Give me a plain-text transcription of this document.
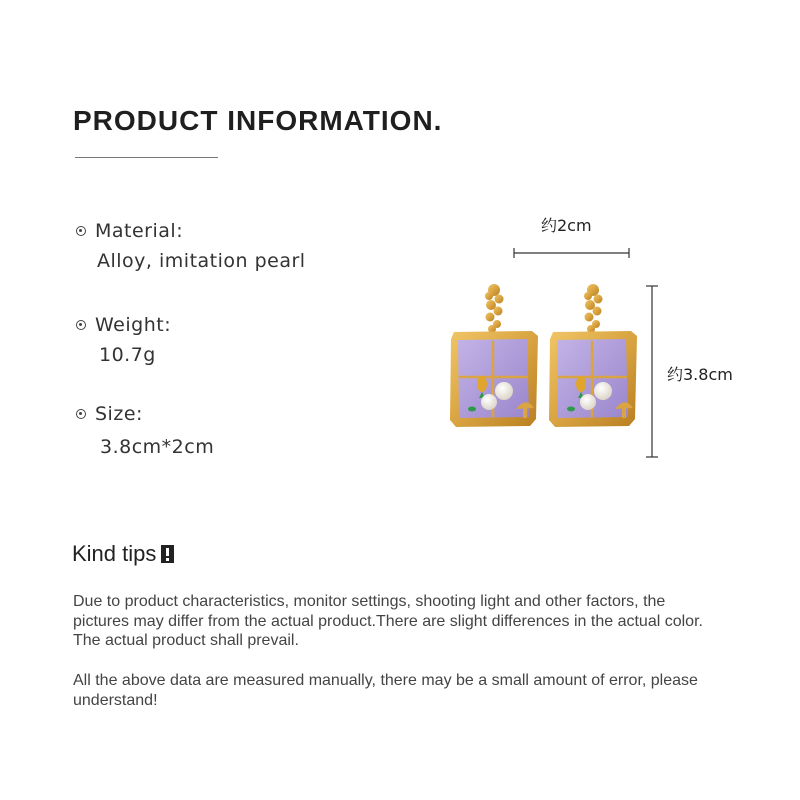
PRODUCT INFORMATION.
Material:
Alloy, imitation pearl
Weight:
10.7g
Size:
3.8cm*2cm
约2cm
约3.8cm
Kind tips

Due to product characteristics, monitor settings, shooting light and other factors, the pictures may differ from the actual product.There are slight differences in the actual color. The actual product shall prevail.

All the above data are measured manually, there may be a small amount of error, please understand!
